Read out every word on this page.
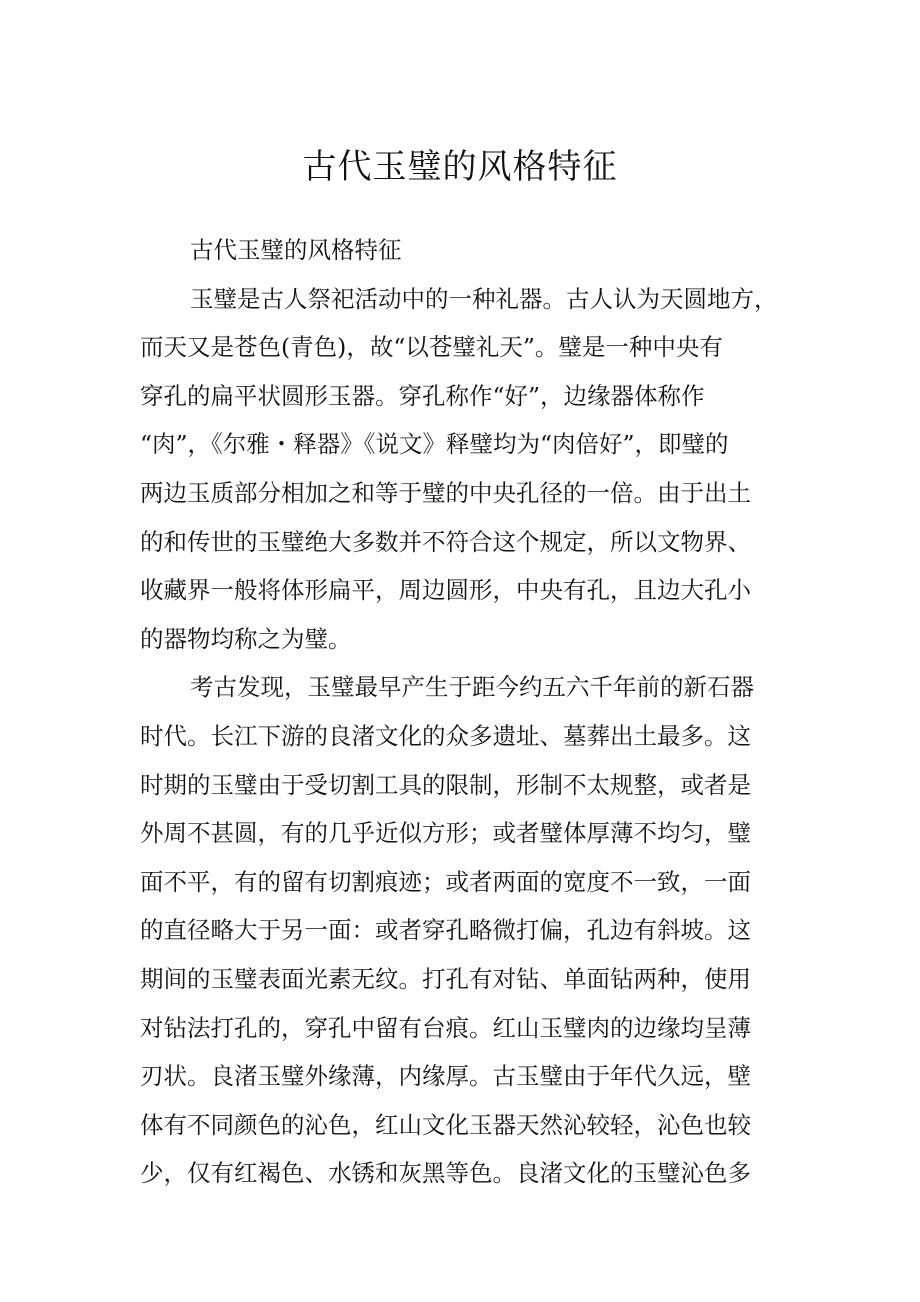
古代玉璧的风格特征
古代玉璧的风格特征
玉璧是古人祭祀活动中的一种礼器。古人认为天圆地方，
而天又是苍色(青色)，故“以苍璧礼天”。璧是一种中央有
穿孔的扁平状圆形玉器。穿孔称作“好”，边缘器体称作
“肉”，《尔雅・释器》《说文》释璧均为“肉倍好”，即璧的
两边玉质部分相加之和等于璧的中央孔径的一倍。由于出土
的和传世的玉璧绝大多数并不符合这个规定，所以文物界、
收藏界一般将体形扁平，周边圆形，中央有孔，且边大孔小
的器物均称之为璧。
考古发现，玉璧最早产生于距今约五六千年前的新石器
时代。长江下游的良渚文化的众多遗址、墓葬出土最多。这
时期的玉璧由于受切割工具的限制，形制不太规整，或者是
外周不甚圆，有的几乎近似方形；或者璧体厚薄不均匀，璧
面不平，有的留有切割痕迹；或者两面的宽度不一致，一面
的直径略大于另一面：或者穿孔略微打偏，孔边有斜坡。这
期间的玉璧表面光素无纹。打孔有对钻、单面钻两种，使用
对钻法打孔的，穿孔中留有台痕。红山玉璧肉的边缘均呈薄
刃状。良渚玉璧外缘薄，内缘厚。古玉璧由于年代久远，壁
体有不同颜色的沁色，红山文化玉器天然沁较轻，沁色也较
少，仅有红褐色、水锈和灰黑等色。良渚文化的玉璧沁色多
